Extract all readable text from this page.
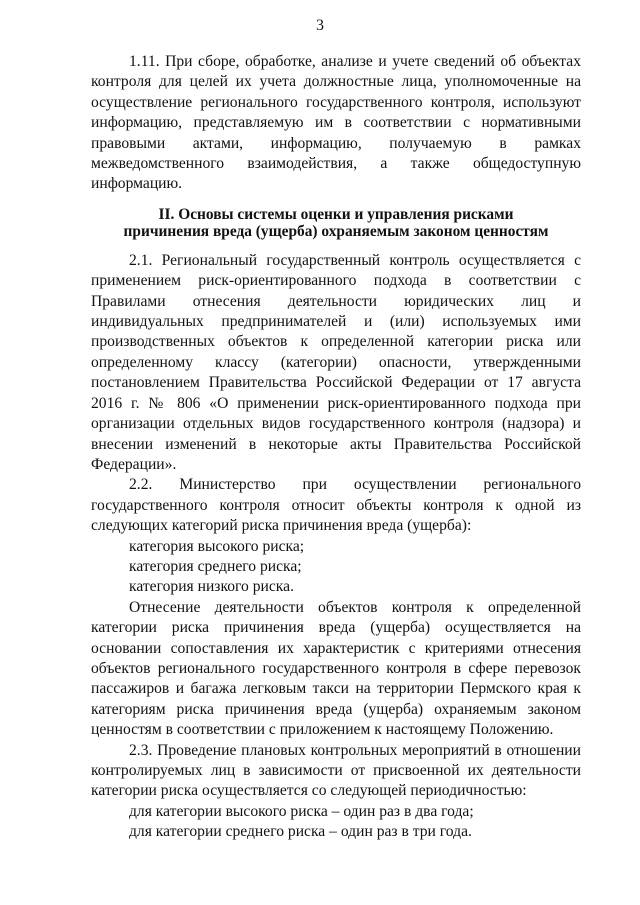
3

1.11. При сборе, обработке, анализе и учете сведений об объектах контроля для целей их учета должностные лица, уполномоченные на осуществление регионального государственного контроля, используют информацию, представляемую им в соответствии с нормативными правовыми актами, информацию, получаемую в рамках межведомственного взаимодействия, а также общедоступную информацию.

II. Основы системы оценки и управления рисками

причинения вреда (ущерба) охраняемым законом ценностям

2.1. Региональный государственный контроль осуществляется с применением риск-ориентированного подхода в соответствии с Правилами отнесения деятельности юридических лиц и индивидуальных предпринимателей и (или) используемых ими производственных объектов к определенной категории риска или определенному классу (категории) опасности, утвержденными постановлением Правительства Российской Федерации от 17 августа 2016 г. № 806 «О применении риск-ориентированного подхода при организации отдельных видов государственного контроля (надзора) и внесении изменений в некоторые акты Правительства Российской Федерации».

2.2. Министерство при осуществлении регионального государственного контроля относит объекты контроля к одной из следующих категорий риска причинения вреда (ущерба):

категория высокого риска;

категория среднего риска;

категория низкого риска.

Отнесение деятельности объектов контроля к определенной категории риска причинения вреда (ущерба) осуществляется на основании сопоставления их характеристик с критериями отнесения объектов регионального государственного контроля в сфере перевозок пассажиров и багажа легковым такси на территории Пермского края к категориям риска причинения вреда (ущерба) охраняемым законом ценностям в соответствии с приложением к настоящему Положению.

2.3. Проведение плановых контрольных мероприятий в отношении контролируемых лиц в зависимости от присвоенной их деятельности категории риска осуществляется со следующей периодичностью:

для категории высокого риска – один раз в два года;

для категории среднего риска – один раз в три года.
